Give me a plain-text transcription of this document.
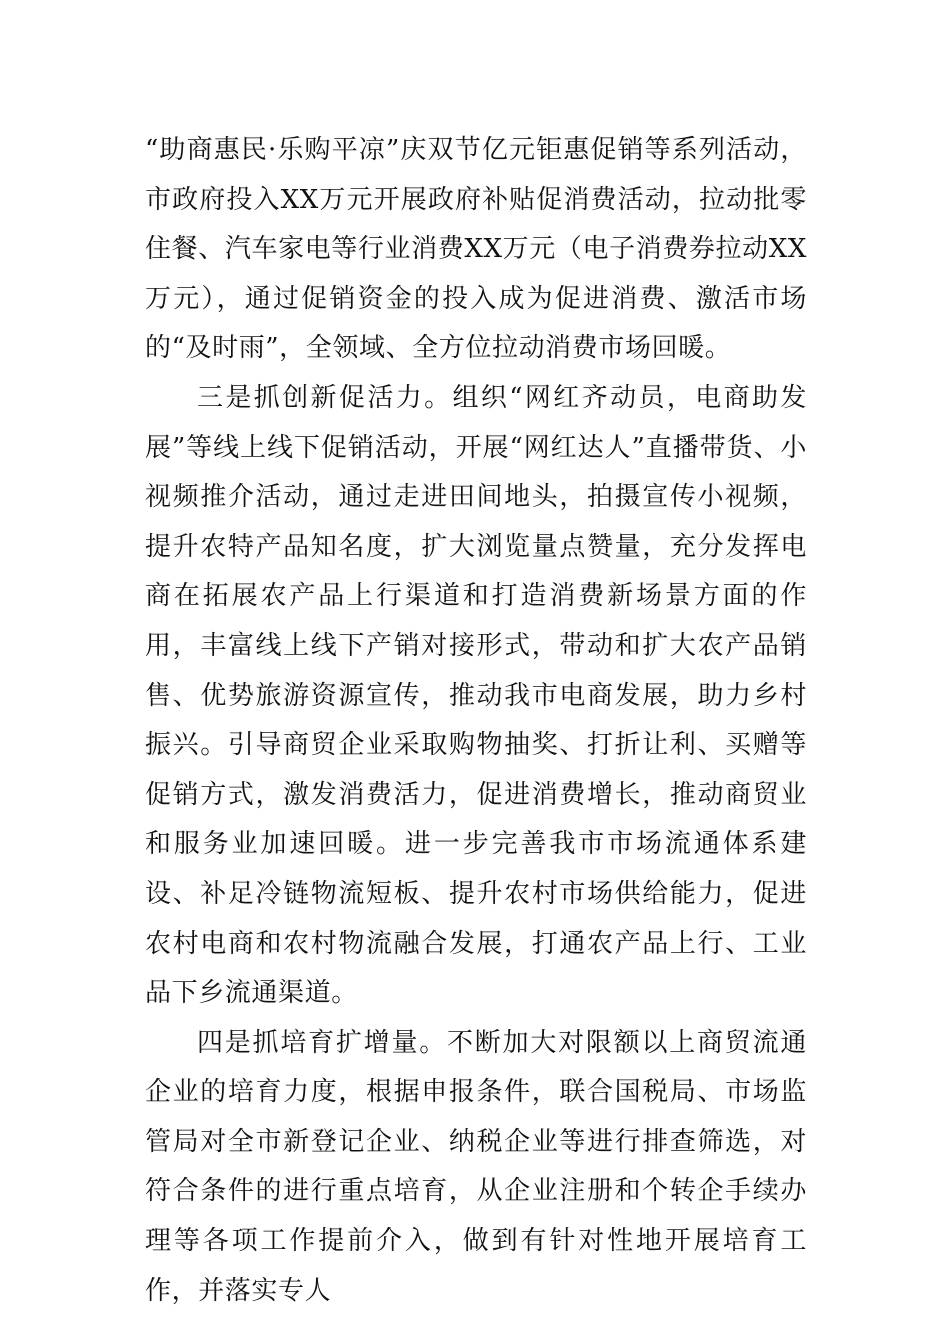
“助商惠民·乐购平凉”庆双节亿元钜惠促销等系列活动，市政府投入XX万元开展政府补贴促消费活动，拉动批零住餐、汽车家电等行业消费XX万元（电子消费券拉动XX万元），通过促销资金的投入成为促进消费、激活市场的“及时雨”，全领域、全方位拉动消费市场回暖。

三是抓创新促活力。组织“网红齐动员，电商助发展”等线上线下促销活动，开展“网红达人”直播带货、小视频推介活动，通过走进田间地头，拍摄宣传小视频，提升农特产品知名度，扩大浏览量点赞量，充分发挥电商在拓展农产品上行渠道和打造消费新场景方面的作用，丰富线上线下产销对接形式，带动和扩大农产品销售、优势旅游资源宣传，推动我市电商发展，助力乡村振兴。引导商贸企业采取购物抽奖、打折让利、买赠等促销方式，激发消费活力，促进消费增长，推动商贸业和服务业加速回暖。进一步完善我市市场流通体系建设、补足冷链物流短板、提升农村市场供给能力，促进农村电商和农村物流融合发展，打通农产品上行、工业品下乡流通渠道。

四是抓培育扩增量。不断加大对限额以上商贸流通企业的培育力度，根据申报条件，联合国税局、市场监管局对全市新登记企业、纳税企业等进行排查筛选，对符合条件的进行重点培育，从企业注册和个转企手续办理等各项工作提前介入，做到有针对性地开展培育工作，并落实专人
